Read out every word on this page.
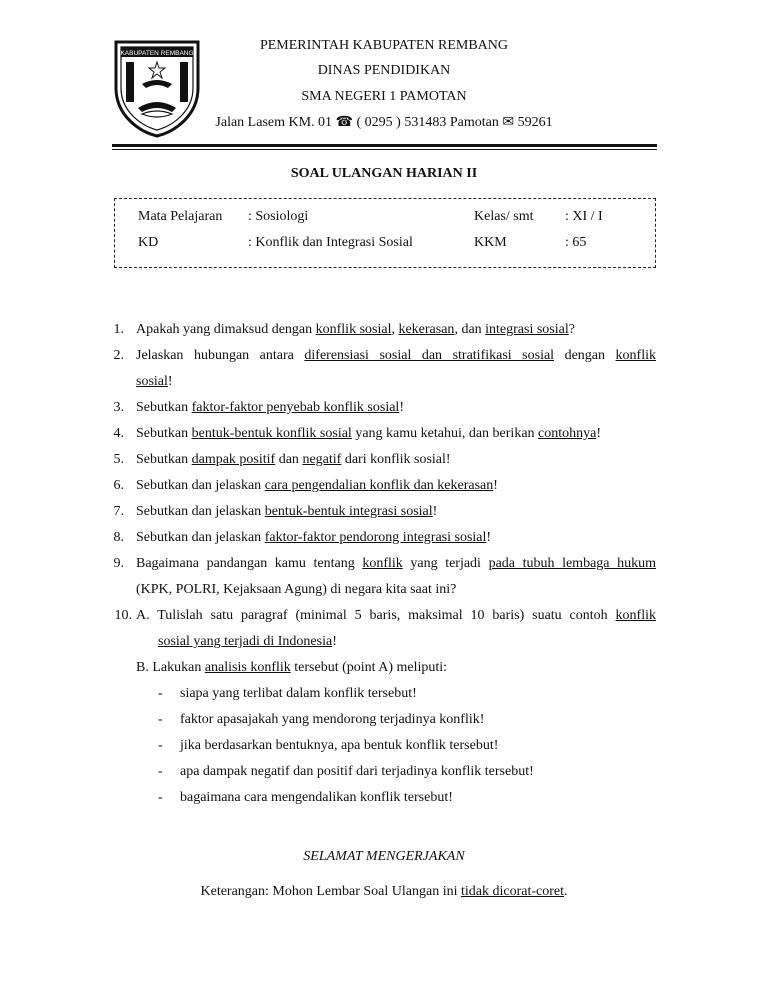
KABUPATEN REMBANG
PEMERINTAH KABUPATEN REMBANG
DINAS PENDIDIKAN
SMA NEGERI 1 PAMOTAN
Jalan Lasem KM. 01 ☎ ( 0295 ) 531483 Pamotan ✉ 59261
SOAL ULANGAN HARIAN II
Mata Pelajaran : Sosiologi	Kelas/ smt : XI / I
KD	: Konflik dan Integrasi Sosial	KKM	: 65
1. Apakah yang dimaksud dengan konflik sosial, kekerasan, dan integrasi sosial?
2. Jelaskan hubungan antara diferensiasi sosial dan stratifikasi sosial dengan konflik
sosial!
3. Sebutkan faktor-faktor penyebab konflik sosial!
4. Sebutkan bentuk-bentuk konflik sosial yang kamu ketahui, dan berikan contohnya!
5. Sebutkan dampak positif dan negatif dari konflik sosial!
6. Sebutkan dan jelaskan cara pengendalian konflik dan kekerasan!
7. Sebutkan dan jelaskan bentuk-bentuk integrasi sosial!
8. Sebutkan dan jelaskan faktor-faktor pendorong integrasi sosial!
9. Bagaimana pandangan kamu tentang konflik yang terjadi pada tubuh lembaga hukum
(KPK, POLRI, Kejaksaan Agung) di negara kita saat ini?
10. A. Tulislah satu paragraf (minimal 5 baris, maksimal 10 baris) suatu contoh konflik
sosial yang terjadi di Indonesia!
B. Lakukan analisis konflik tersebut (point A) meliputi:
-	siapa yang terlibat dalam konflik tersebut!
-	faktor apasajakah yang mendorong terjadinya konflik!
-	jika berdasarkan bentuknya, apa bentuk konflik tersebut!
-	apa dampak negatif dan positif dari terjadinya konflik tersebut!
-	bagaimana cara mengendalikan konflik tersebut!
SELAMAT MENGERJAKAN
Keterangan: Mohon Lembar Soal Ulangan ini tidak dicorat-coret.
